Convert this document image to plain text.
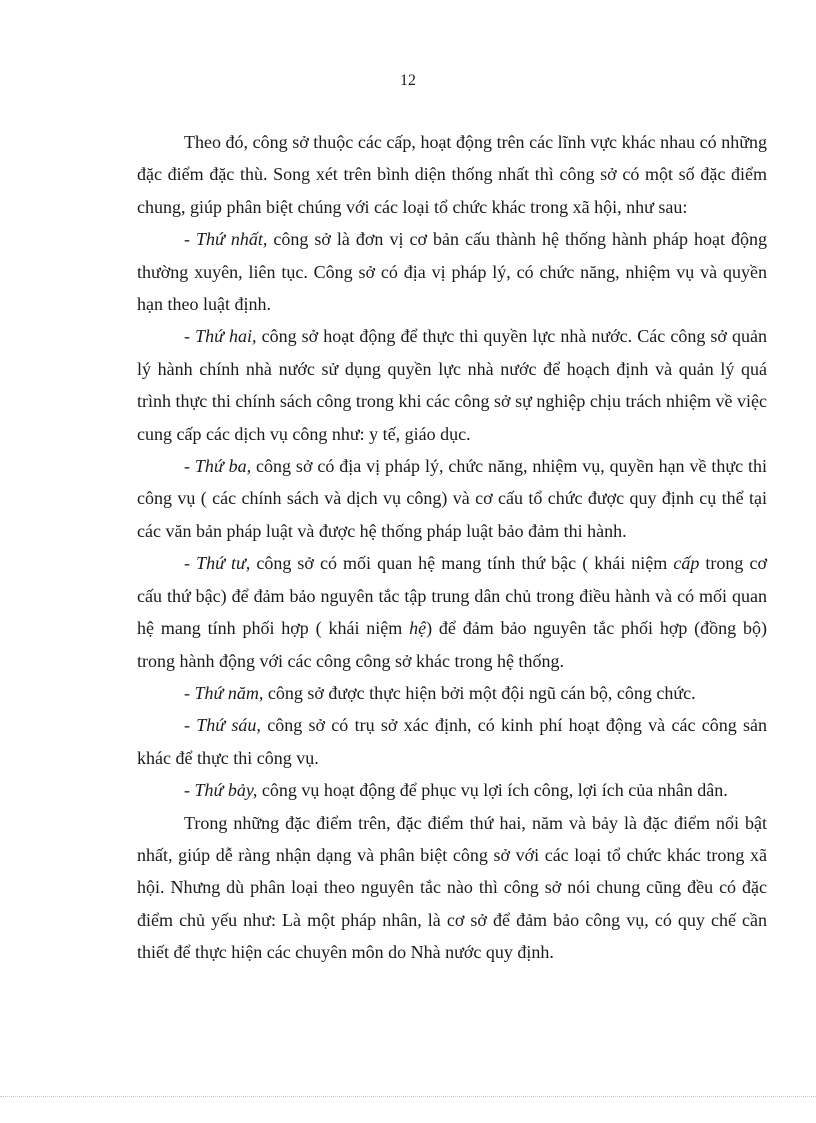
12

Theo đó, công sở thuộc các cấp, hoạt động trên các lĩnh vực khác nhau có những đặc điểm đặc thù. Song xét trên bình diện thống nhất thì công sở có một số đặc điểm chung, giúp phân biệt chúng với các loại tổ chức khác trong xã hội, như sau:

- Thứ nhất, công sở là đơn vị cơ bản cấu thành hệ thống hành pháp hoạt động thường xuyên, liên tục. Công sở có địa vị pháp lý, có chức năng, nhiệm vụ và quyền hạn theo luật định.

- Thứ hai, công sở hoạt động để thực thi quyền lực nhà nước. Các công sở quản lý hành chính nhà nước sử dụng quyền lực nhà nước để hoạch định và quản lý quá trình thực thi chính sách công trong khi các công sở sự nghiệp chịu trách nhiệm về việc cung cấp các dịch vụ công như: y tế, giáo dục.

- Thứ ba, công sở có địa vị pháp lý, chức năng, nhiệm vụ, quyền hạn về thực thi công vụ ( các chính sách và dịch vụ công) và cơ cấu tổ chức được quy định cụ thể tại các văn bản pháp luật và được hệ thống pháp luật bảo đảm thi hành.

- Thứ tư, công sở có mối quan hệ mang tính thứ bậc ( khái niệm cấp trong cơ cấu thứ bậc) để đảm bảo nguyên tắc tập trung dân chủ trong điều hành và có mối quan hệ mang tính phối hợp ( khái niệm hệ) để đảm bảo nguyên tắc phối hợp (đồng bộ) trong hành động với các công công sở khác trong hệ thống.

- Thứ năm, công sở được thực hiện bởi một đội ngũ cán bộ, công chức.

- Thứ sáu, công sở có trụ sở xác định, có kinh phí hoạt động và các công sản khác để thực thi công vụ.

- Thứ bảy, công vụ hoạt động để phục vụ lợi ích công, lợi ích của nhân dân.

Trong những đặc điểm trên, đặc điểm thứ hai, năm và bảy là đặc điểm nổi bật nhất, giúp dễ ràng nhận dạng và phân biệt công sở với các loại tổ chức khác trong xã hội. Nhưng dù phân loại theo nguyên tắc nào thì công sở nói chung cũng đều có đặc điểm chủ yếu như: Là một pháp nhân, là cơ sở để đảm bảo công vụ, có quy chế cần thiết để thực hiện các chuyên môn do Nhà nước quy định.
